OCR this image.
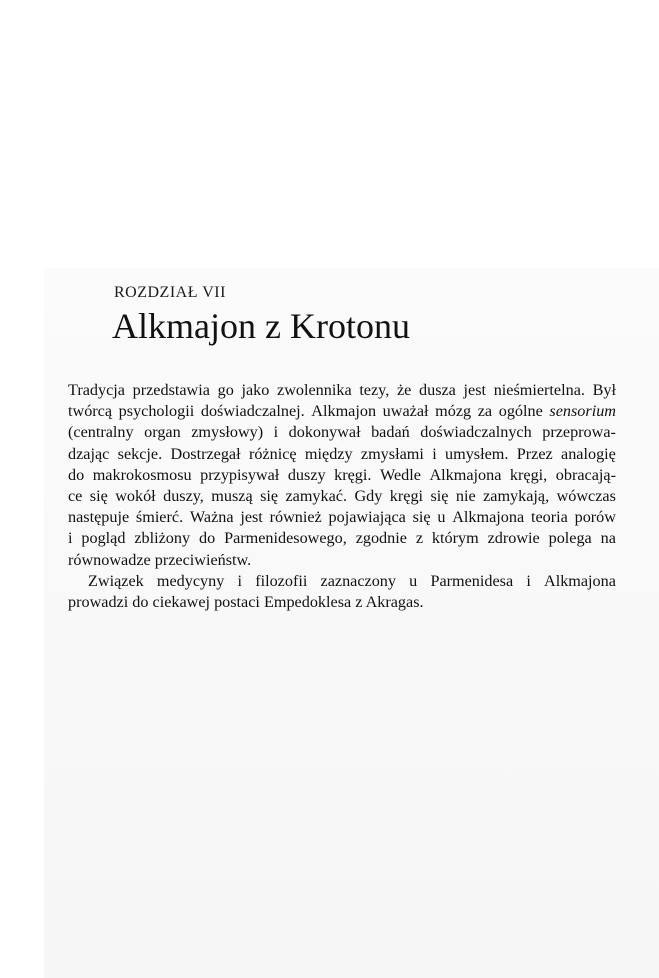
ROZDZIAŁ VII
Alkmajon z Krotonu
Tradycja przedstawia go jako zwolennika tezy, że dusza jest nieśmiertelna. Był
twórcą psychologii doświadczalnej. Alkmajon uważał mózg za ogólne sensorium
(centralny organ zmysłowy) i dokonywał badań doświadczalnych przeprowa-
dzając sekcje. Dostrzegał różnicę między zmysłami i umysłem. Przez analogię
do makrokosmosu przypisywał duszy kręgi. Wedle Alkmajona kręgi, obracają-
ce się wokół duszy, muszą się zamykać. Gdy kręgi się nie zamykają, wówczas
następuje śmierć. Ważna jest również pojawiająca się u Alkmajona teoria porów
i pogląd zbliżony do Parmenidesowego, zgodnie z którym zdrowie polega na
równowadze przeciwieństw.
Związek medycyny i filozofii zaznaczony u Parmenidesa i Alkmajona
prowadzi do ciekawej postaci Empedoklesa z Akragas.
